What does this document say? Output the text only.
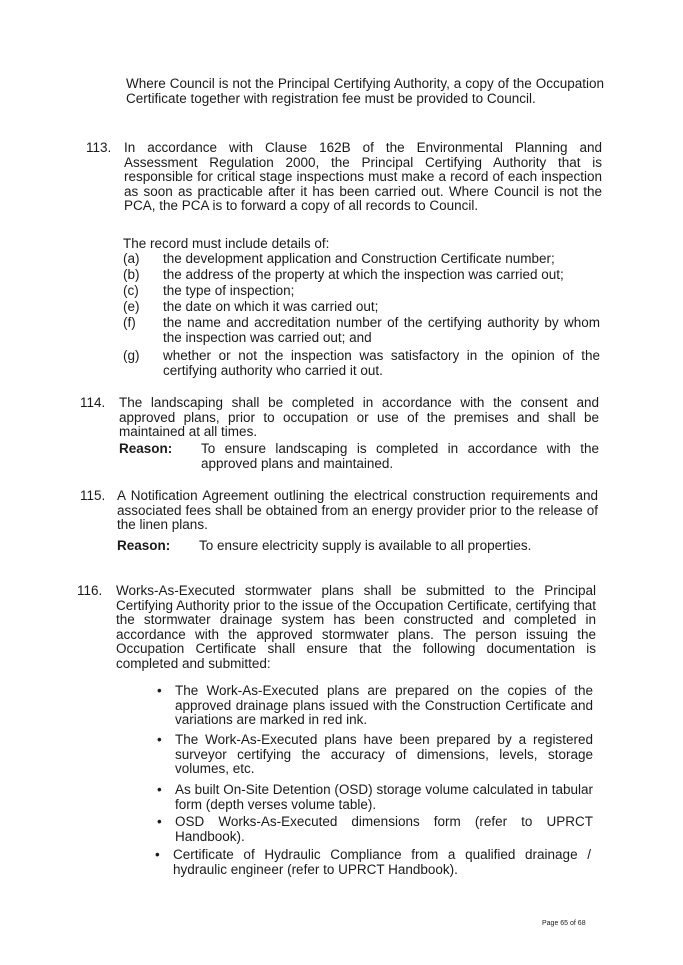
Where Council is not the Principal Certifying Authority, a copy of the Occupation Certificate together with registration fee must be provided to Council.

113. In accordance with Clause 162B of the Environmental Planning and Assessment Regulation 2000, the Principal Certifying Authority that is responsible for critical stage inspections must make a record of each inspection as soon as practicable after it has been carried out. Where Council is not the PCA, the PCA is to forward a copy of all records to Council.

The record must include details of:

(a) the development application and Construction Certificate number;
(b) the address of the property at which the inspection was carried out;
(c) the type of inspection;
(e) the date on which it was carried out;
(f) the name and accreditation number of the certifying authority by whom the inspection was carried out; and
(g) whether or not the inspection was satisfactory in the opinion of the certifying authority who carried it out.
114. The landscaping shall be completed in accordance with the consent and approved plans, prior to occupation or use of the premises and shall be maintained at all times.

Reason: To ensure landscaping is completed in accordance with the approved plans and maintained.
115. A Notification Agreement outlining the electrical construction requirements and associated fees shall be obtained from an energy provider prior to the release of the linen plans.

Reason: To ensure electricity supply is available to all properties.
116. Works-As-Executed stormwater plans shall be submitted to the Principal Certifying Authority prior to the issue of the Occupation Certificate, certifying that the stormwater drainage system has been constructed and completed in accordance with the approved stormwater plans. The person issuing the Occupation Certificate shall ensure that the following documentation is completed and submitted:

• The Work-As-Executed plans are prepared on the copies of the approved drainage plans issued with the Construction Certificate and variations are marked in red ink.
• The Work-As-Executed plans have been prepared by a registered surveyor certifying the accuracy of dimensions, levels, storage volumes, etc.
• As built On-Site Detention (OSD) storage volume calculated in tabular form (depth verses volume table).
• OSD Works-As-Executed dimensions form (refer to UPRCT Handbook).
• Certificate of Hydraulic Compliance from a qualified drainage / hydraulic engineer (refer to UPRCT Handbook).
Page 65 of 68
